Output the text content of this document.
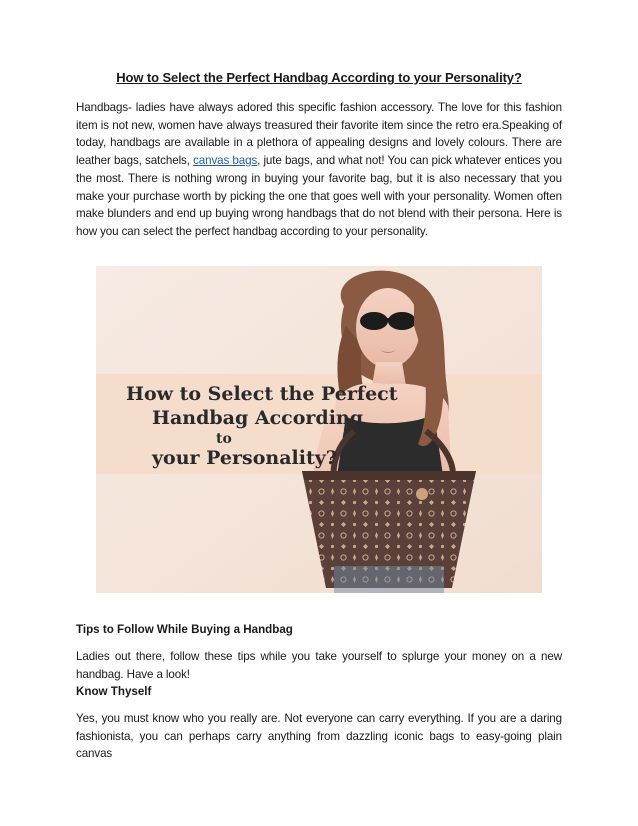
How to Select the Perfect Handbag According to your Personality?

Handbags- ladies have always adored this specific fashion accessory. The love for this fashion item is not new, women have always treasured their favorite item since the retro era.Speaking of today, handbags are available in a plethora of appealing designs and lovely colours. There are leather bags, satchels, canvas bags, jute bags, and what not! You can pick whatever entices you the most. There is nothing wrong in buying your favorite bag, but it is also necessary that you make your purchase worth by picking the one that goes well with your personality. Women often make blunders and end up buying wrong handbags that do not blend with their persona. Here is how you can select the perfect handbag according to your personality.

How to Select the Perfect
Handbag According
to
your Personality?

Tips to Follow While Buying a Handbag

Ladies out there, follow these tips while you take yourself to splurge your money on a new handbag. Have a look!

Know Thyself

Yes, you must know who you really are. Not everyone can carry everything. If you are a daring fashionista, you can perhaps carry anything from dazzling iconic bags to easy-going plain canvas
